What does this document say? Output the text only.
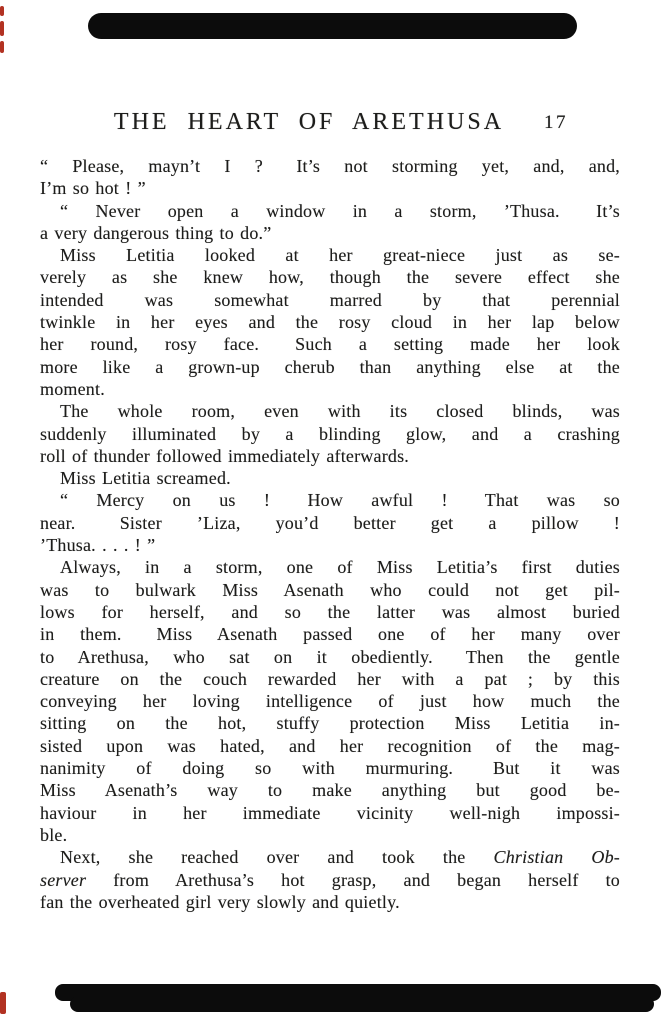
THE HEART OF ARETHUSA	17
“ Please, mayn’t I ?  It’s not storming yet, and, and,
I’m so hot ! ”
“ Never open a window in a storm, ’Thusa.  It’s
a very dangerous thing to do.”
Miss Letitia looked at her great-niece just as se-
verely as she knew how, though the severe effect she
intended was somewhat marred by that perennial
twinkle in her eyes and the rosy cloud in her lap below
her round, rosy face.  Such a setting made her look
more like a grown-up cherub than anything else at the
moment.
The whole room, even with its closed blinds, was
suddenly illuminated by a blinding glow, and a crashing
roll of thunder followed immediately afterwards.
Miss Letitia screamed.
“ Mercy on us !  How awful !  That was so
near.  Sister ’Liza, you’d better get a pillow !
’Thusa. . . . ! ”
Always, in a storm, one of Miss Letitia’s first duties
was to bulwark Miss Asenath who could not get pil-
lows for herself, and so the latter was almost buried
in them.  Miss Asenath passed one of her many over
to Arethusa, who sat on it obediently.  Then the gentle
creature on the couch rewarded her with a pat ; by this
conveying her loving intelligence of just how much the
sitting on the hot, stuffy protection Miss Letitia in-
sisted upon was hated, and her recognition of the mag-
nanimity of doing so with murmuring.  But it was
Miss Asenath’s way to make anything but good be-
haviour in her immediate vicinity well-nigh impossi-
ble.
Next, she reached over and took the Christian Ob-
server from Arethusa’s hot grasp, and began herself to
fan the overheated girl very slowly and quietly.
